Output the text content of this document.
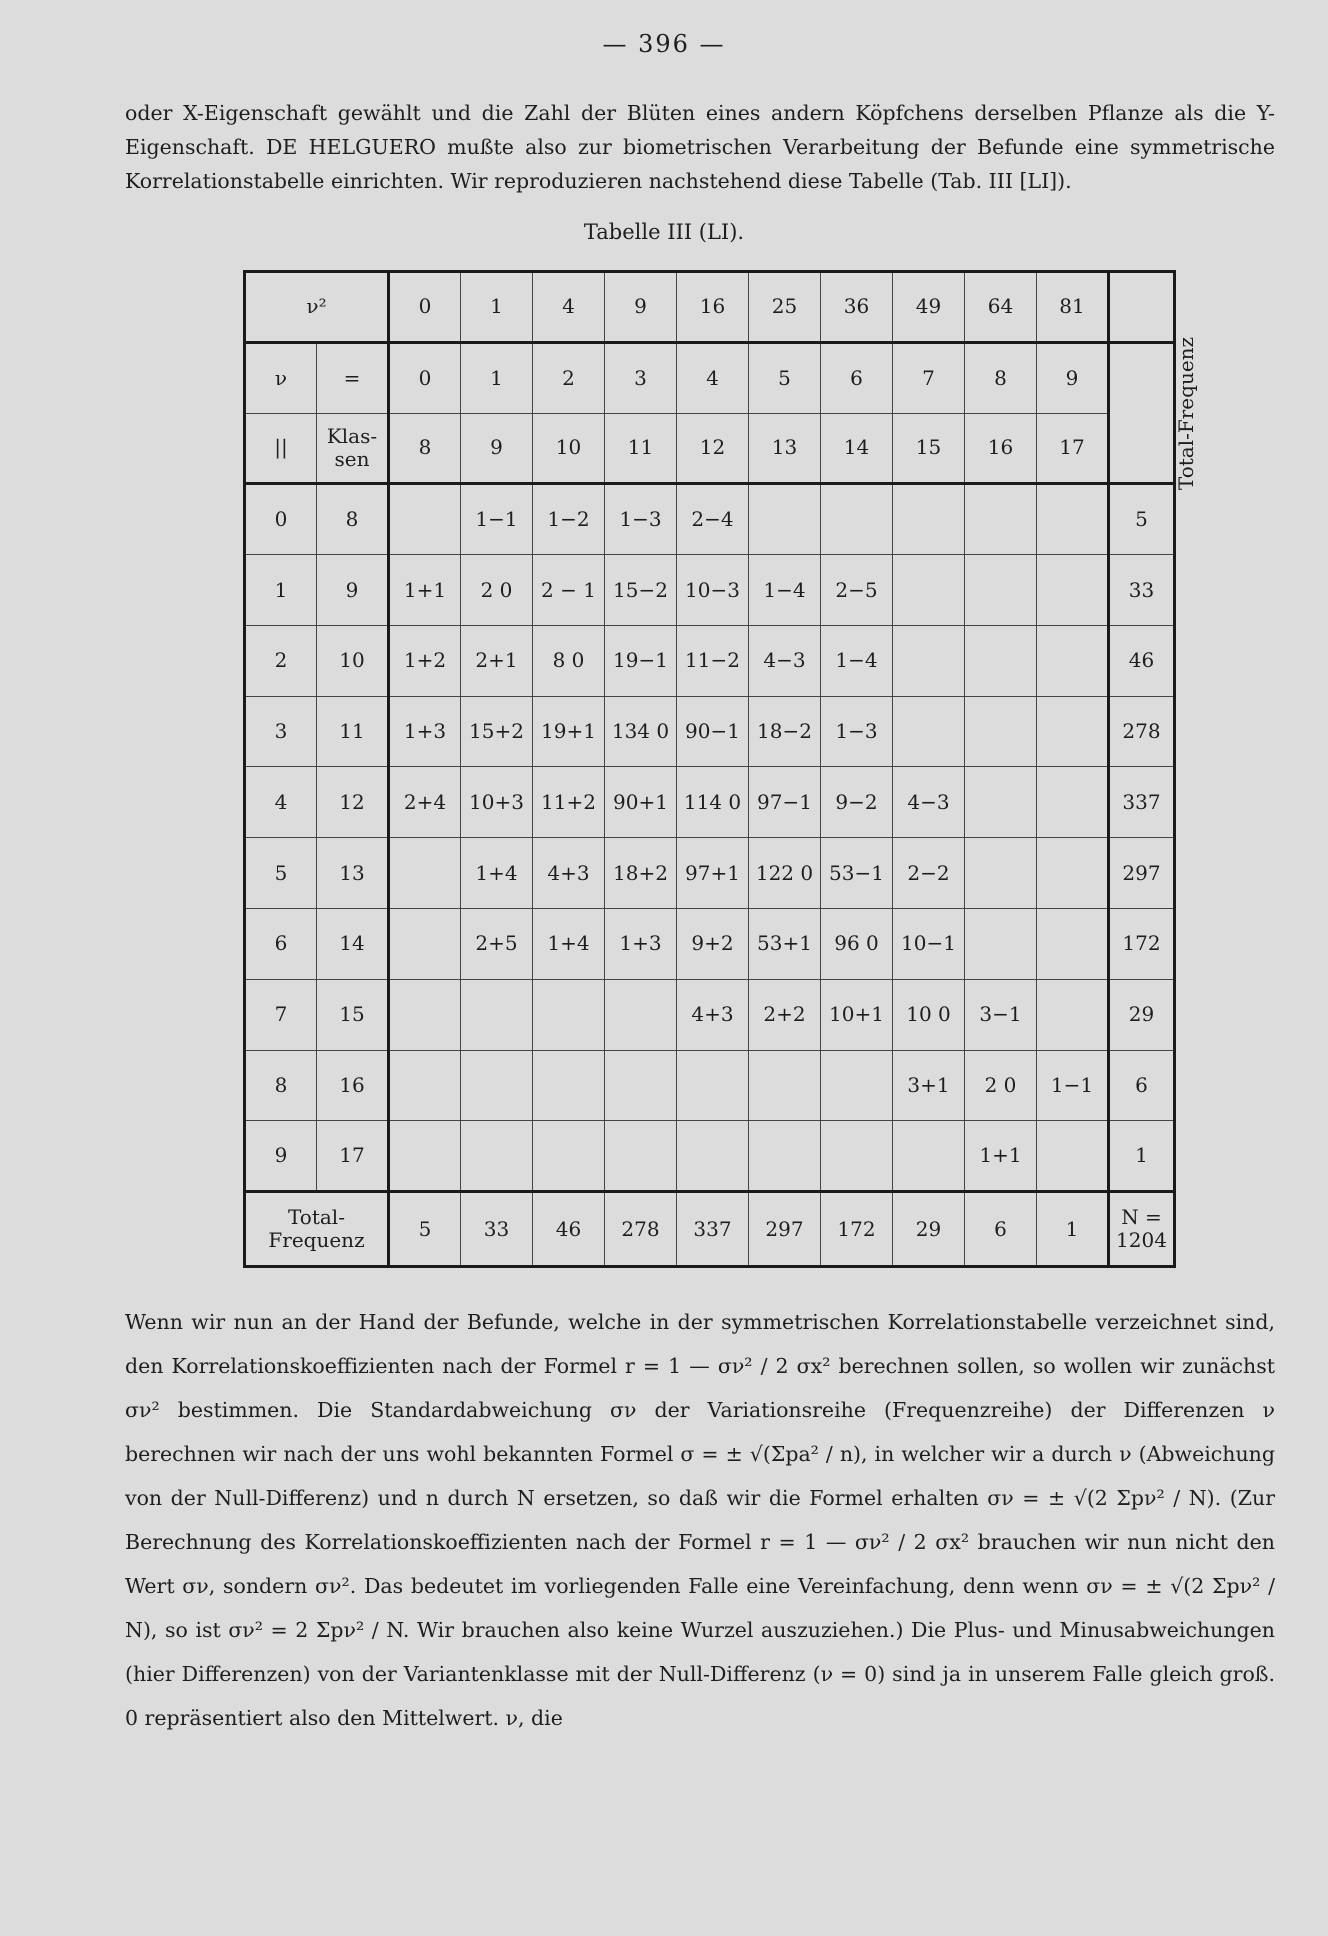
— 396 —
oder X-Eigenschaft gewählt und die Zahl der Blüten eines andern Köpfchens derselben Pflanze als die Y-Eigenschaft. DE HELGUERO mußte also zur biometrischen Verarbeitung der Befunde eine symmetrische Korrelationstabelle einrichten. Wir reproduzieren nachstehend diese Tabelle (Tab. III [LI]).
Tabelle III (LI).
ν²		0	1	4	9	16	25	36	49	64	81	
ν	=	0	1	2	3	4	5	6	7	8	9	Total-Frequenz
||	Klas-sen	8	9	10	11	12	13	14	15	16	17	
0	8		1−1	1−2	1−3	2−4						5
1	9	1+1	2 0	2 − 1	15−2	10−3	1−4	2−5				33
2	10	1+2	2+1	8 0	19−1	11−2	4−3	1−4				46
3	11	1+3	15+2	19+1	134 0	90−1	18−2	1−3				278
4	12	2+4	10+3	11+2	90+1	114 0	97−1	9−2	4−3			337
5	13		1+4	4+3	18+2	97+1	122 0	53−1	2−2			297
6	14		2+5	1+4	1+3	9+2	53+1	96 0	10−1			172
7	15					4+3	2+2	10+1	10 0	3−1		29
8	16								3+1	2 0	1−1	6
9	17									1+1		1
Total-Frequenz		5	33	46	278	337	297	172	29	6	1	N = 1204
Wenn wir nun an der Hand der Befunde, welche in der symmetrischen Korrelationstabelle verzeichnet sind, den Korrelationskoeffizienten nach der Formel r = 1 — σν² / 2 σx² berechnen sollen, so wollen wir zunächst σν² bestimmen. Die Standardabweichung σν der Variationsreihe (Frequenzreihe) der Differenzen ν berechnen wir nach der uns wohl bekannten Formel σ = ± √(Σpa² / n), in welcher wir a durch ν (Abweichung von der Null-Differenz) und n durch N ersetzen, so daß wir die Formel erhalten σν = ± √(2 Σpν² / N). (Zur Berechnung des Korrelationskoeffizienten nach der Formel r = 1 — σν² / 2 σx² brauchen wir nun nicht den Wert σν, sondern σν². Das bedeutet im vorliegenden Falle eine Vereinfachung, denn wenn σν = ± √(2 Σpν² / N), so ist σν² = 2 Σpν² / N. Wir brauchen also keine Wurzel auszuziehen.) Die Plus- und Minusabweichungen (hier Differenzen) von der Variantenklasse mit der Null-Differenz (ν = 0) sind ja in unserem Falle gleich groß. 0 repräsentiert also den Mittelwert. ν, die
